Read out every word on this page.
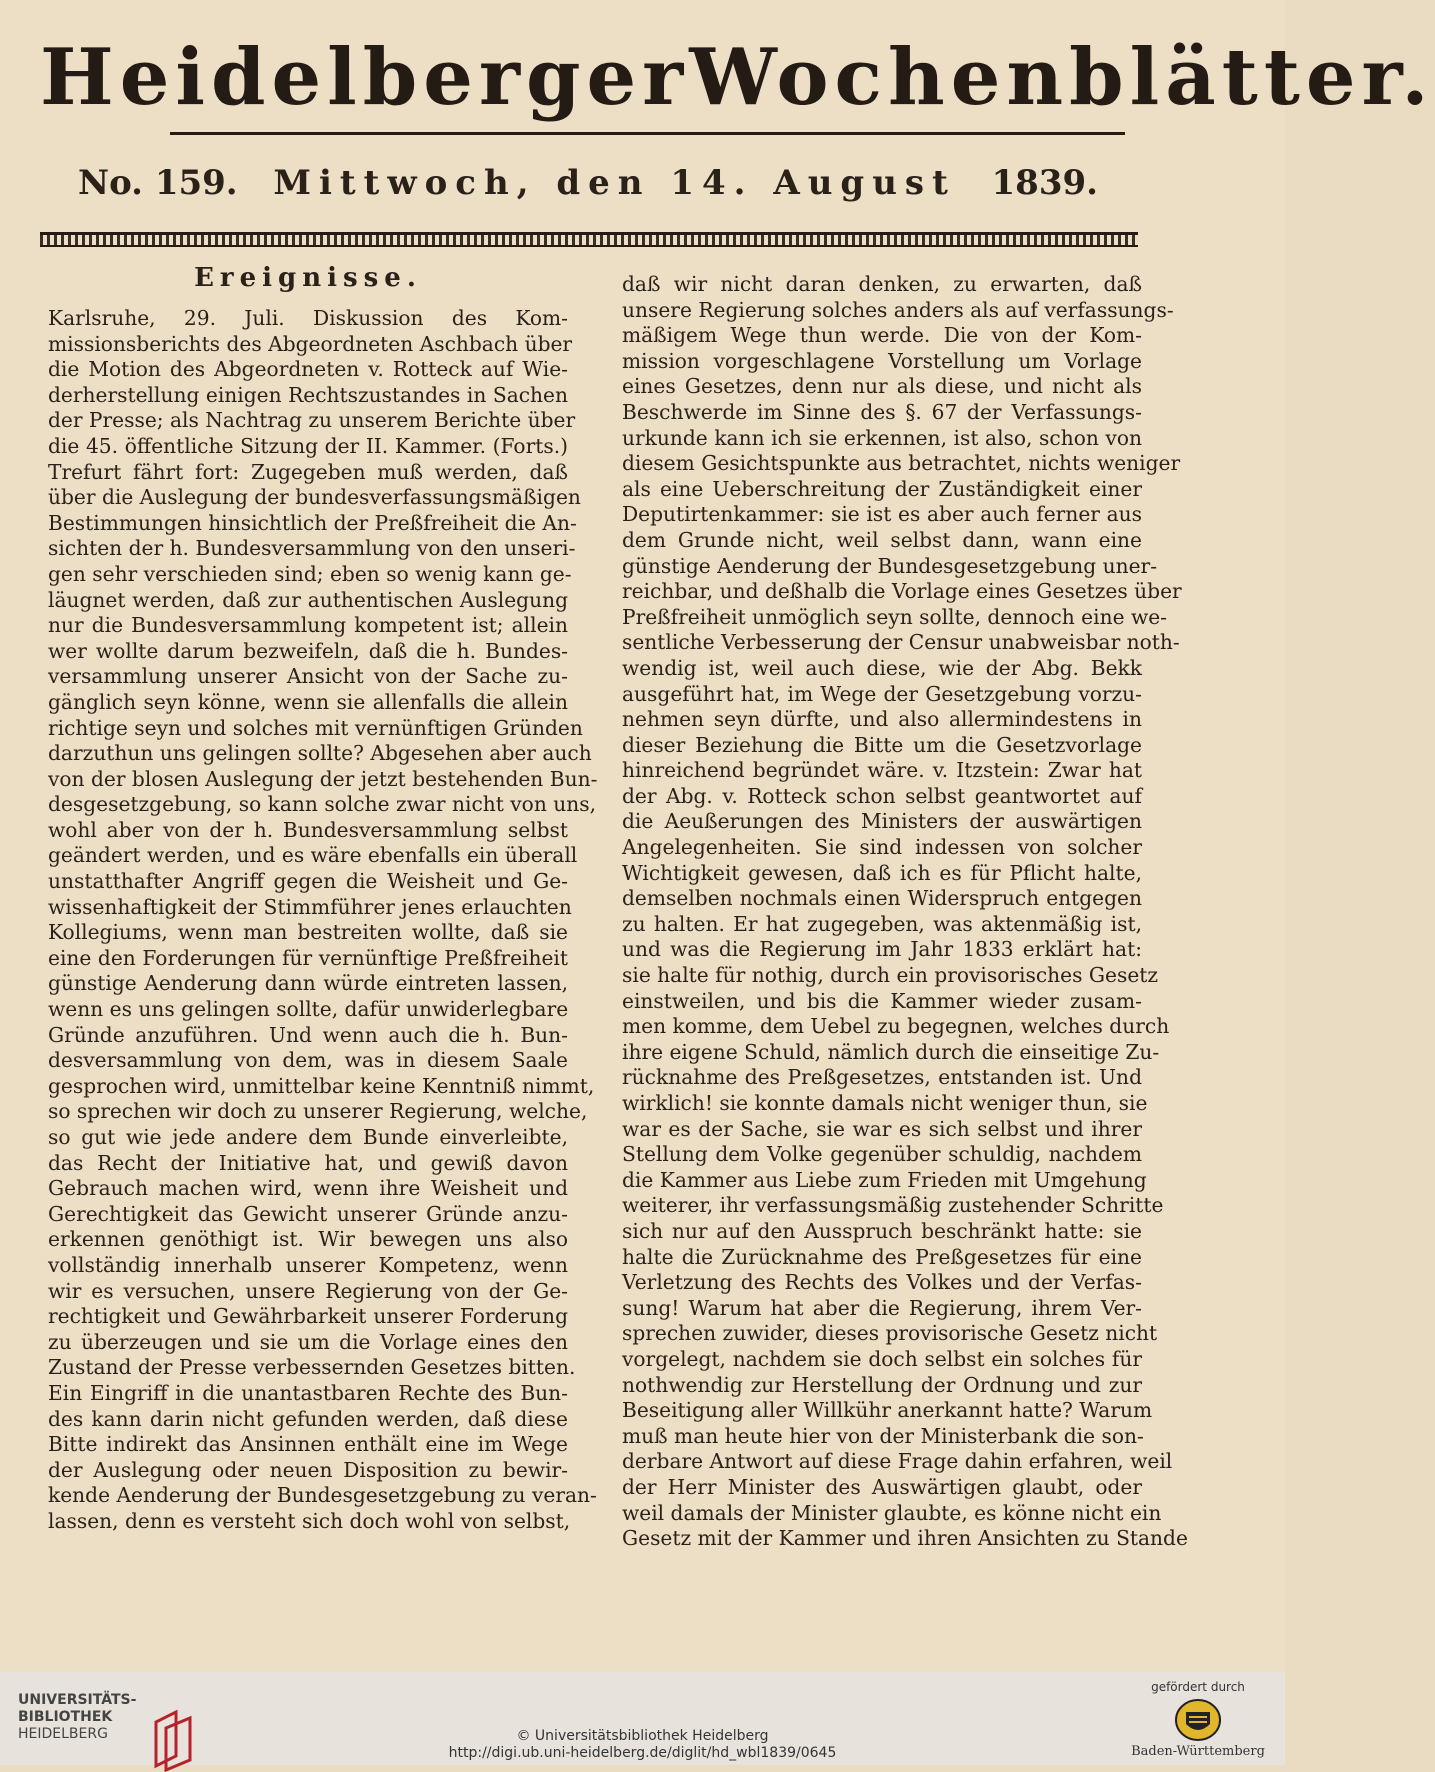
Heidelberger Wochenblätter.
No. 159. Mittwoch, den 14. August 1839.
Ereignisse.
Karlsruhe, 29. Juli. Diskussion des Kom-
missionsberichts des Abgeordneten Aschbach über
die Motion des Abgeordneten v. Rotteck auf Wie-
derherstellung einigen Rechtszustandes in Sachen
der Presse; als Nachtrag zu unserem Berichte über
die 45. öffentliche Sitzung der II. Kammer. (Forts.)
Trefurt fährt fort: Zugegeben muß werden, daß
über die Auslegung der bundesverfassungsmäßigen
Bestimmungen hinsichtlich der Preßfreiheit die An-
sichten der h. Bundesversammlung von den unseri-
gen sehr verschieden sind; eben so wenig kann ge-
läugnet werden, daß zur authentischen Auslegung
nur die Bundesversammlung kompetent ist; allein
wer wollte darum bezweifeln, daß die h. Bundes-
versammlung unserer Ansicht von der Sache zu-
gänglich seyn könne, wenn sie allenfalls die allein
richtige seyn und solches mit vernünftigen Gründen
darzuthun uns gelingen sollte? Abgesehen aber auch
von der blosen Auslegung der jetzt bestehenden Bun-
desgesetzgebung, so kann solche zwar nicht von uns,
wohl aber von der h. Bundesversammlung selbst
geändert werden, und es wäre ebenfalls ein überall
unstatthafter Angriff gegen die Weisheit und Ge-
wissenhaftigkeit der Stimmführer jenes erlauchten
Kollegiums, wenn man bestreiten wollte, daß sie
eine den Forderungen für vernünftige Preßfreiheit
günstige Aenderung dann würde eintreten lassen,
wenn es uns gelingen sollte, dafür unwiderlegbare
Gründe anzuführen. Und wenn auch die h. Bun-
desversammlung von dem, was in diesem Saale
gesprochen wird, unmittelbar keine Kenntniß nimmt,
so sprechen wir doch zu unserer Regierung, welche,
so gut wie jede andere dem Bunde einverleibte,
das Recht der Initiative hat, und gewiß davon
Gebrauch machen wird, wenn ihre Weisheit und
Gerechtigkeit das Gewicht unserer Gründe anzu-
erkennen genöthigt ist. Wir bewegen uns also
vollständig innerhalb unserer Kompetenz, wenn
wir es versuchen, unsere Regierung von der Ge-
rechtigkeit und Gewährbarkeit unserer Forderung
zu überzeugen und sie um die Vorlage eines den
Zustand der Presse verbessernden Gesetzes bitten.
Ein Eingriff in die unantastbaren Rechte des Bun-
des kann darin nicht gefunden werden, daß diese
Bitte indirekt das Ansinnen enthält eine im Wege
der Auslegung oder neuen Disposition zu bewir-
kende Aenderung der Bundesgesetzgebung zu veran-
lassen, denn es versteht sich doch wohl von selbst,
daß wir nicht daran denken, zu erwarten, daß
unsere Regierung solches anders als auf verfassungs-
mäßigem Wege thun werde. Die von der Kom-
mission vorgeschlagene Vorstellung um Vorlage
eines Gesetzes, denn nur als diese, und nicht als
Beschwerde im Sinne des §. 67 der Verfassungs-
urkunde kann ich sie erkennen, ist also, schon von
diesem Gesichtspunkte aus betrachtet, nichts weniger
als eine Ueberschreitung der Zuständigkeit einer
Deputirtenkammer: sie ist es aber auch ferner aus
dem Grunde nicht, weil selbst dann, wann eine
günstige Aenderung der Bundesgesetzgebung uner-
reichbar, und deßhalb die Vorlage eines Gesetzes über
Preßfreiheit unmöglich seyn sollte, dennoch eine we-
sentliche Verbesserung der Censur unabweisbar noth-
wendig ist, weil auch diese, wie der Abg. Bekk
ausgeführt hat, im Wege der Gesetzgebung vorzu-
nehmen seyn dürfte, und also allermindestens in
dieser Beziehung die Bitte um die Gesetzvorlage
hinreichend begründet wäre. v. Itzstein: Zwar hat
der Abg. v. Rotteck schon selbst geantwortet auf
die Aeußerungen des Ministers der auswärtigen
Angelegenheiten. Sie sind indessen von solcher
Wichtigkeit gewesen, daß ich es für Pflicht halte,
demselben nochmals einen Widerspruch entgegen
zu halten. Er hat zugegeben, was aktenmäßig ist,
und was die Regierung im Jahr 1833 erklärt hat:
sie halte für nothig, durch ein provisorisches Gesetz
einstweilen, und bis die Kammer wieder zusam-
men komme, dem Uebel zu begegnen, welches durch
ihre eigene Schuld, nämlich durch die einseitige Zu-
rücknahme des Preßgesetzes, entstanden ist. Und
wirklich! sie konnte damals nicht weniger thun, sie
war es der Sache, sie war es sich selbst und ihrer
Stellung dem Volke gegenüber schuldig, nachdem
die Kammer aus Liebe zum Frieden mit Umgehung
weiterer, ihr verfassungsmäßig zustehender Schritte
sich nur auf den Ausspruch beschränkt hatte: sie
halte die Zurücknahme des Preßgesetzes für eine
Verletzung des Rechts des Volkes und der Verfas-
sung! Warum hat aber die Regierung, ihrem Ver-
sprechen zuwider, dieses provisorische Gesetz nicht
vorgelegt, nachdem sie doch selbst ein solches für
nothwendig zur Herstellung der Ordnung und zur
Beseitigung aller Willkühr anerkannt hatte? Warum
muß man heute hier von der Ministerbank die son-
derbare Antwort auf diese Frage dahin erfahren, weil
der Herr Minister des Auswärtigen glaubt, oder
weil damals der Minister glaubte, es könne nicht ein
Gesetz mit der Kammer und ihren Ansichten zu Stande
UNIVERSITÄTS-
BIBLIOTHEK
HEIDELBERG	© Universitätsbibliothek Heidelberg
http://digi.ub.uni-heidelberg.de/diglit/hd_wbl1839/0645
gefördert durch
Baden-Württemberg
